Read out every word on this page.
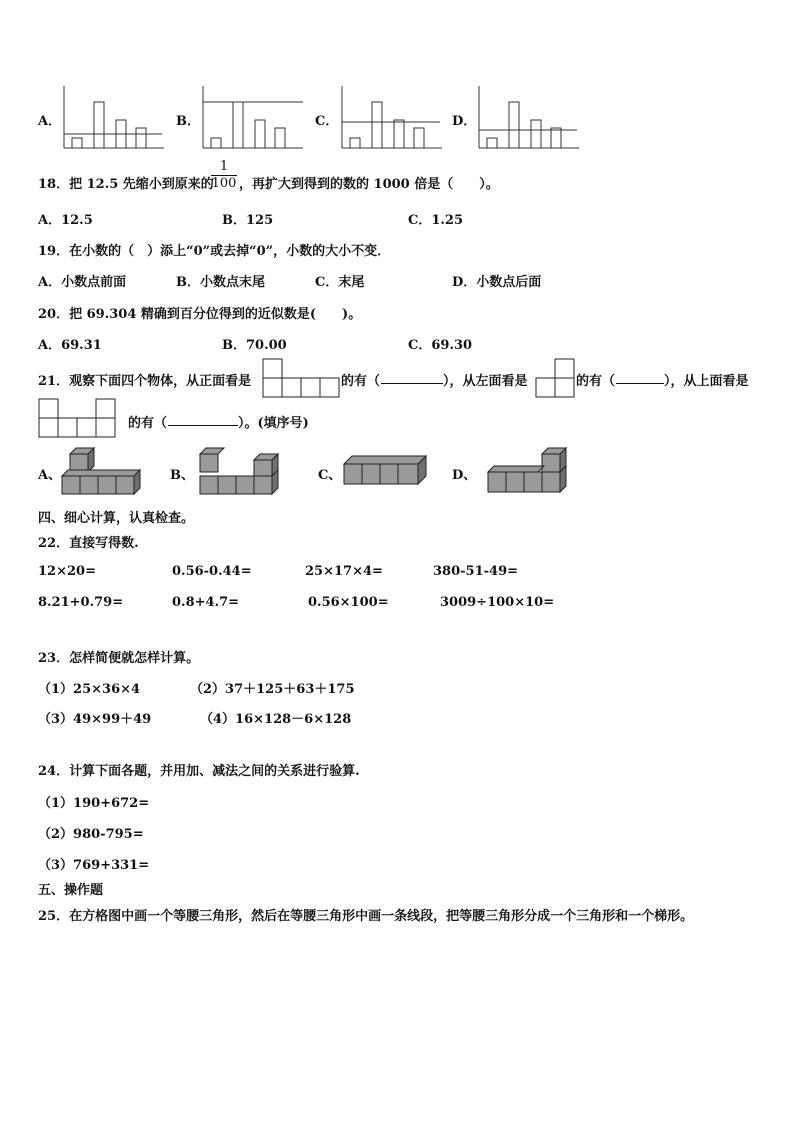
A．	B．	C．	D．
18．把 12.5 先缩小到原来的
1
100 ，再扩大到得到的数的 1000 倍是（　　）。
A．12.5	B．125	C．1.25
19．在小数的（　）添上“0”或去掉“0”，小数的大小不变．
A．小数点前面	B．小数点末尾	C．末尾	D．小数点后面
20．把 69.304 精确到百分位得到的近似数是(　　)。
A．69.31	B．70.00	C．69.30
21．观察下面四个物体，从正面看是	的有（	），从左面看是	的有（	），从上面看是
的有（	）。(填序号)
A、	B、	C、	D、
四、细心计算，认真检查。
22．直接写得数.
12×20=	0.56-0.44=	25×17×4=	380-51-49=
8.21+0.79=	0.8+4.7=	0.56×100=	3009÷100×10=
23．怎样简便就怎样计算。
（1）25×36×4	（2）37＋125＋63＋175
（3）49×99＋49	（4）16×128－6×128
24．计算下面各题，并用加、减法之间的关系进行验算.
（1）190+672=
（2）980-795=
（3）769+331=
五、操作题
25．在方格图中画一个等腰三角形，然后在等腰三角形中画一条线段，把等腰三角形分成一个三角形和一个梯形。
